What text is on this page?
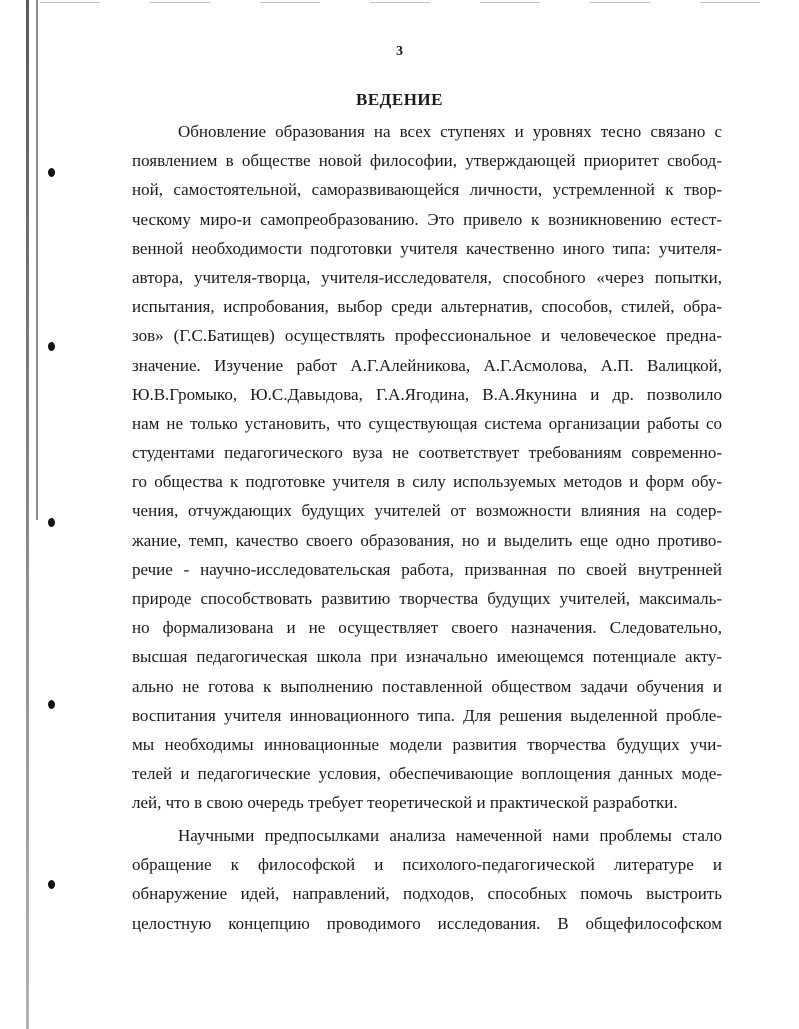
3
ВЕДЕНИЕ
Обновление образования на всех ступенях и уровнях тесно связано с
появлением в обществе новой философии, утверждающей приоритет свобод-
ной, самостоятельной, саморазвивающейся личности, устремленной к твор-
ческому миро-и самопреобразованию. Это привело к возникновению естест-
венной необходимости подготовки учителя качественно иного типа: учителя-
автора, учителя-творца, учителя-исследователя, способного «через попытки,
испытания, испробования, выбор среди альтернатив, способов, стилей, обра-
зов» (Г.С.Батищев) осуществлять профессиональное и человеческое предна-
значение. Изучение работ А.Г.Алейникова, А.Г.Асмолова, А.П. Валицкой,
Ю.В.Громыко, Ю.С.Давыдова, Г.А.Ягодина, В.А.Якунина и др. позволило
нам не только установить, что существующая система организации работы со
студентами педагогического вуза не соответствует требованиям современно-
го общества к подготовке учителя в силу используемых методов и форм обу-
чения, отчуждающих будущих учителей от возможности влияния на содер-
жание, темп, качество своего образования, но и выделить еще одно противо-
речие - научно-исследовательская работа, призванная по своей внутренней
природе способствовать развитию творчества будущих учителей, максималь-
но формализована и не осуществляет своего назначения. Следовательно,
высшая педагогическая школа при изначально имеющемся потенциале акту-
ально не готова к выполнению поставленной обществом задачи обучения и
воспитания учителя инновационного типа. Для решения выделенной пробле-
мы необходимы инновационные модели развития творчества будущих учи-
телей и педагогические условия, обеспечивающие воплощения данных моде-
лей, что в свою очередь требует теоретической и практической разработки.
Научными предпосылками анализа намеченной нами проблемы стало
обращение к философской и психолого-педагогической литературе и
обнаружение идей, направлений, подходов, способных помочь выстроить
целостную концепцию проводимого исследования. В общефилософском
